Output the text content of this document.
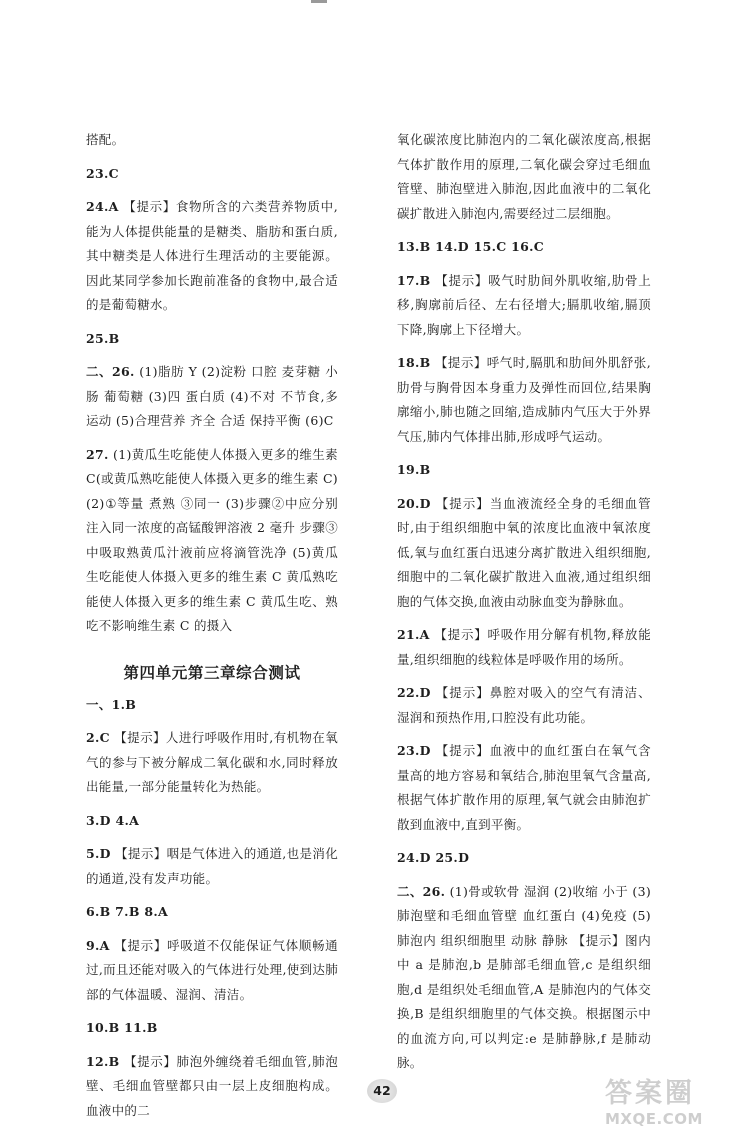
搭配。

23.C

24.A 【提示】食物所含的六类营养物质中,能为人体提供能量的是糖类、脂肪和蛋白质,其中糖类是人体进行生理活动的主要能源。因此某同学参加长跑前准备的食物中,最合适的是葡萄糖水。

25.B

二、26. (1)脂肪 Y (2)淀粉 口腔 麦芽糖 小肠 葡萄糖 (3)四 蛋白质 (4)不对 不节食,多运动 (5)合理营养 齐全 合适 保持平衡 (6)C

27. (1)黄瓜生吃能使人体摄入更多的维生素 C(或黄瓜熟吃能使人体摄入更多的维生素 C) (2)①等量 煮熟 ③同一 (3)步骤②中应分别注入同一浓度的高锰酸钾溶液 2 毫升 步骤③中吸取熟黄瓜汁液前应将滴管洗净 (5)黄瓜生吃能使人体摄入更多的维生素 C 黄瓜熟吃能使人体摄入更多的维生素 C 黄瓜生吃、熟吃不影响维生素 C 的摄入

第四单元第三章综合测试

一、1.B

2.C 【提示】人进行呼吸作用时,有机物在氧气的参与下被分解成二氧化碳和水,同时释放出能量,一部分能量转化为热能。

3.D 4.A

5.D 【提示】咽是气体进入的通道,也是消化的通道,没有发声功能。

6.B 7.B 8.A

9.A 【提示】呼吸道不仅能保证气体顺畅通过,而且还能对吸入的气体进行处理,使到达肺部的气体温暖、湿润、清洁。

10.B 11.B

12.B 【提示】肺泡外缠绕着毛细血管,肺泡壁、毛细血管壁都只由一层上皮细胞构成。血液中的二

氧化碳浓度比肺泡内的二氧化碳浓度高,根据气体扩散作用的原理,二氧化碳会穿过毛细血管壁、肺泡壁进入肺泡,因此血液中的二氧化碳扩散进入肺泡内,需要经过二层细胞。

13.B 14.D 15.C 16.C

17.B 【提示】吸气时肋间外肌收缩,肋骨上移,胸廓前后径、左右径增大;膈肌收缩,膈顶下降,胸廓上下径增大。

18.B 【提示】呼气时,膈肌和肋间外肌舒张,肋骨与胸骨因本身重力及弹性而回位,结果胸廓缩小,肺也随之回缩,造成肺内气压大于外界气压,肺内气体排出肺,形成呼气运动。

19.B

20.D 【提示】当血液流经全身的毛细血管时,由于组织细胞中氧的浓度比血液中氧浓度低,氧与血红蛋白迅速分离扩散进入组织细胞,细胞中的二氧化碳扩散进入血液,通过组织细胞的气体交换,血液由动脉血变为静脉血。

21.A 【提示】呼吸作用分解有机物,释放能量,组织细胞的线粒体是呼吸作用的场所。

22.D 【提示】鼻腔对吸入的空气有清洁、湿润和预热作用,口腔没有此功能。

23.D 【提示】血液中的血红蛋白在氧气含量高的地方容易和氧结合,肺泡里氧气含量高,根据气体扩散作用的原理,氧气就会由肺泡扩散到血液中,直到平衡。

24.D 25.D

二、26. (1)骨或软骨 湿润 (2)收缩 小于 (3)肺泡壁和毛细血管壁 血红蛋白 (4)免疫 (5)肺泡内 组织细胞里 动脉 静脉 【提示】图内中 a 是肺泡,b 是肺部毛细血管,c 是组织细胞,d 是组织处毛细血管,A 是肺泡内的气体交换,B 是组织细胞里的气体交换。根据图示中的血流方向,可以判定:e 是肺静脉,f 是肺动脉。

42	答案圈
MXQE.COM
